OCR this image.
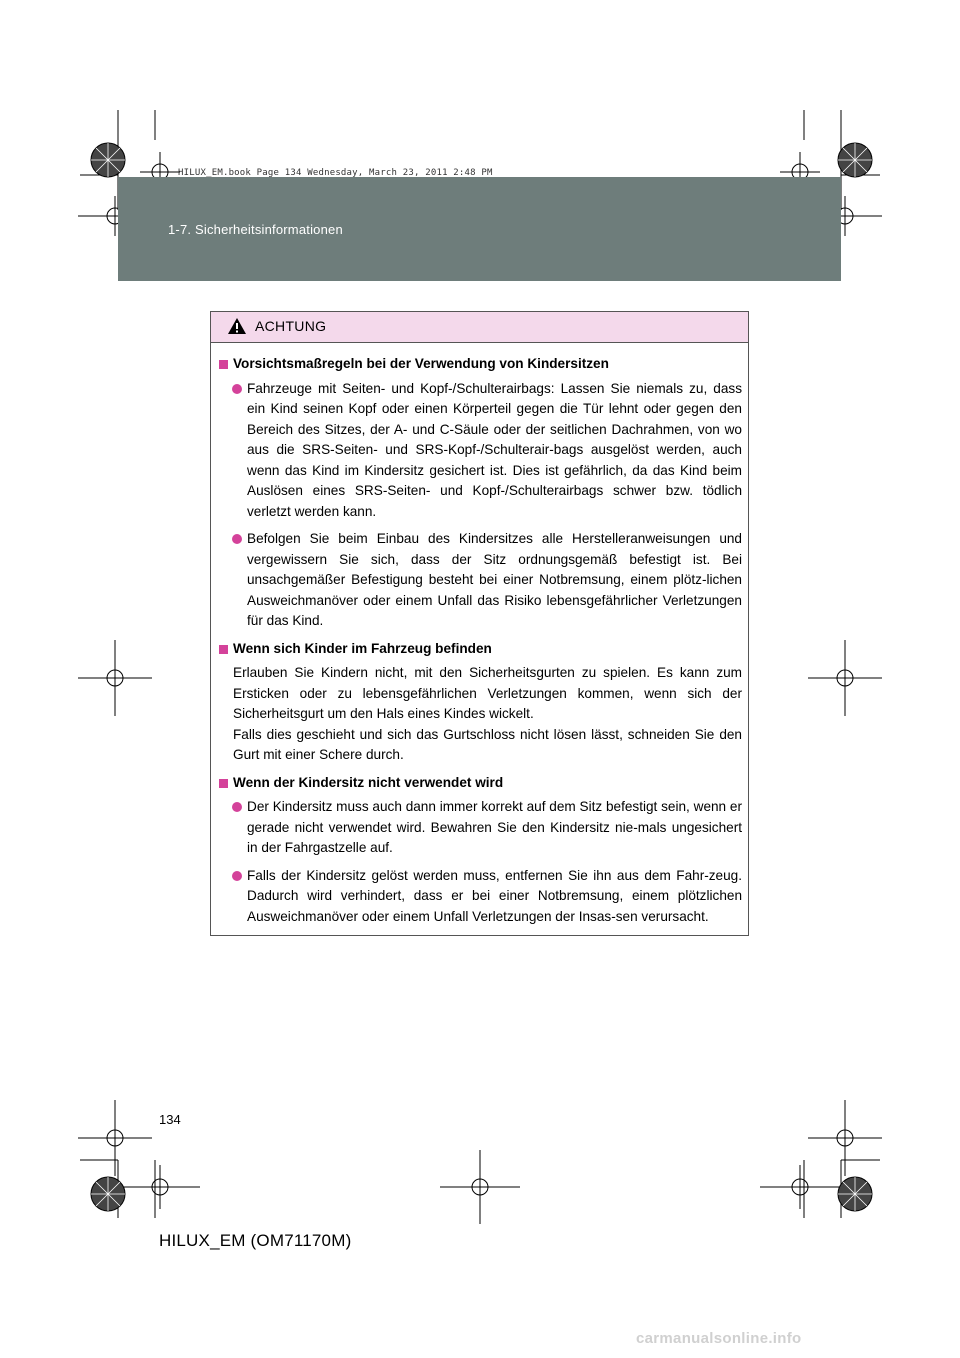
HILUX_EM.book Page 134 Wednesday, March 23, 2011 2:48 PM
1-7. Sicherheitsinformationen
ACHTUNG
Vorsichtsmaßregeln bei der Verwendung von Kindersitzen
Fahrzeuge mit Seiten- und Kopf-/Schulterairbags: Lassen Sie niemals zu, dass ein Kind seinen Kopf oder einen Körperteil gegen die Tür lehnt oder gegen den Bereich des Sitzes, der A- und C-Säule oder der seitlichen Dachrahmen, von wo aus die SRS-Seiten- und SRS-Kopf-/Schulterair-bags ausgelöst werden, auch wenn das Kind im Kindersitz gesichert ist. Dies ist gefährlich, da das Kind beim Auslösen eines SRS-Seiten- und Kopf-/Schulterairbags schwer bzw. tödlich verletzt werden kann.
Befolgen Sie beim Einbau des Kindersitzes alle Herstelleranweisungen und vergewissern Sie sich, dass der Sitz ordnungsgemäß befestigt ist. Bei unsachgemäßer Befestigung besteht bei einer Notbremsung, einem plötz-lichen Ausweichmanöver oder einem Unfall das Risiko lebensgefährlicher Verletzungen für das Kind.
Wenn sich Kinder im Fahrzeug befinden
Erlauben Sie Kindern nicht, mit den Sicherheitsgurten zu spielen. Es kann zum Ersticken oder zu lebensgefährlichen Verletzungen kommen, wenn sich der Sicherheitsgurt um den Hals eines Kindes wickelt.
Falls dies geschieht und sich das Gurtschloss nicht lösen lässt, schneiden Sie den Gurt mit einer Schere durch.
Wenn der Kindersitz nicht verwendet wird
Der Kindersitz muss auch dann immer korrekt auf dem Sitz befestigt sein, wenn er gerade nicht verwendet wird. Bewahren Sie den Kindersitz nie-mals ungesichert in der Fahrgastzelle auf.
Falls der Kindersitz gelöst werden muss, entfernen Sie ihn aus dem Fahr-zeug. Dadurch wird verhindert, dass er bei einer Notbremsung, einem plötzlichen Ausweichmanöver oder einem Unfall Verletzungen der Insas-sen verursacht.
134
HILUX_EM (OM71170M)
carmanualsonline.info
